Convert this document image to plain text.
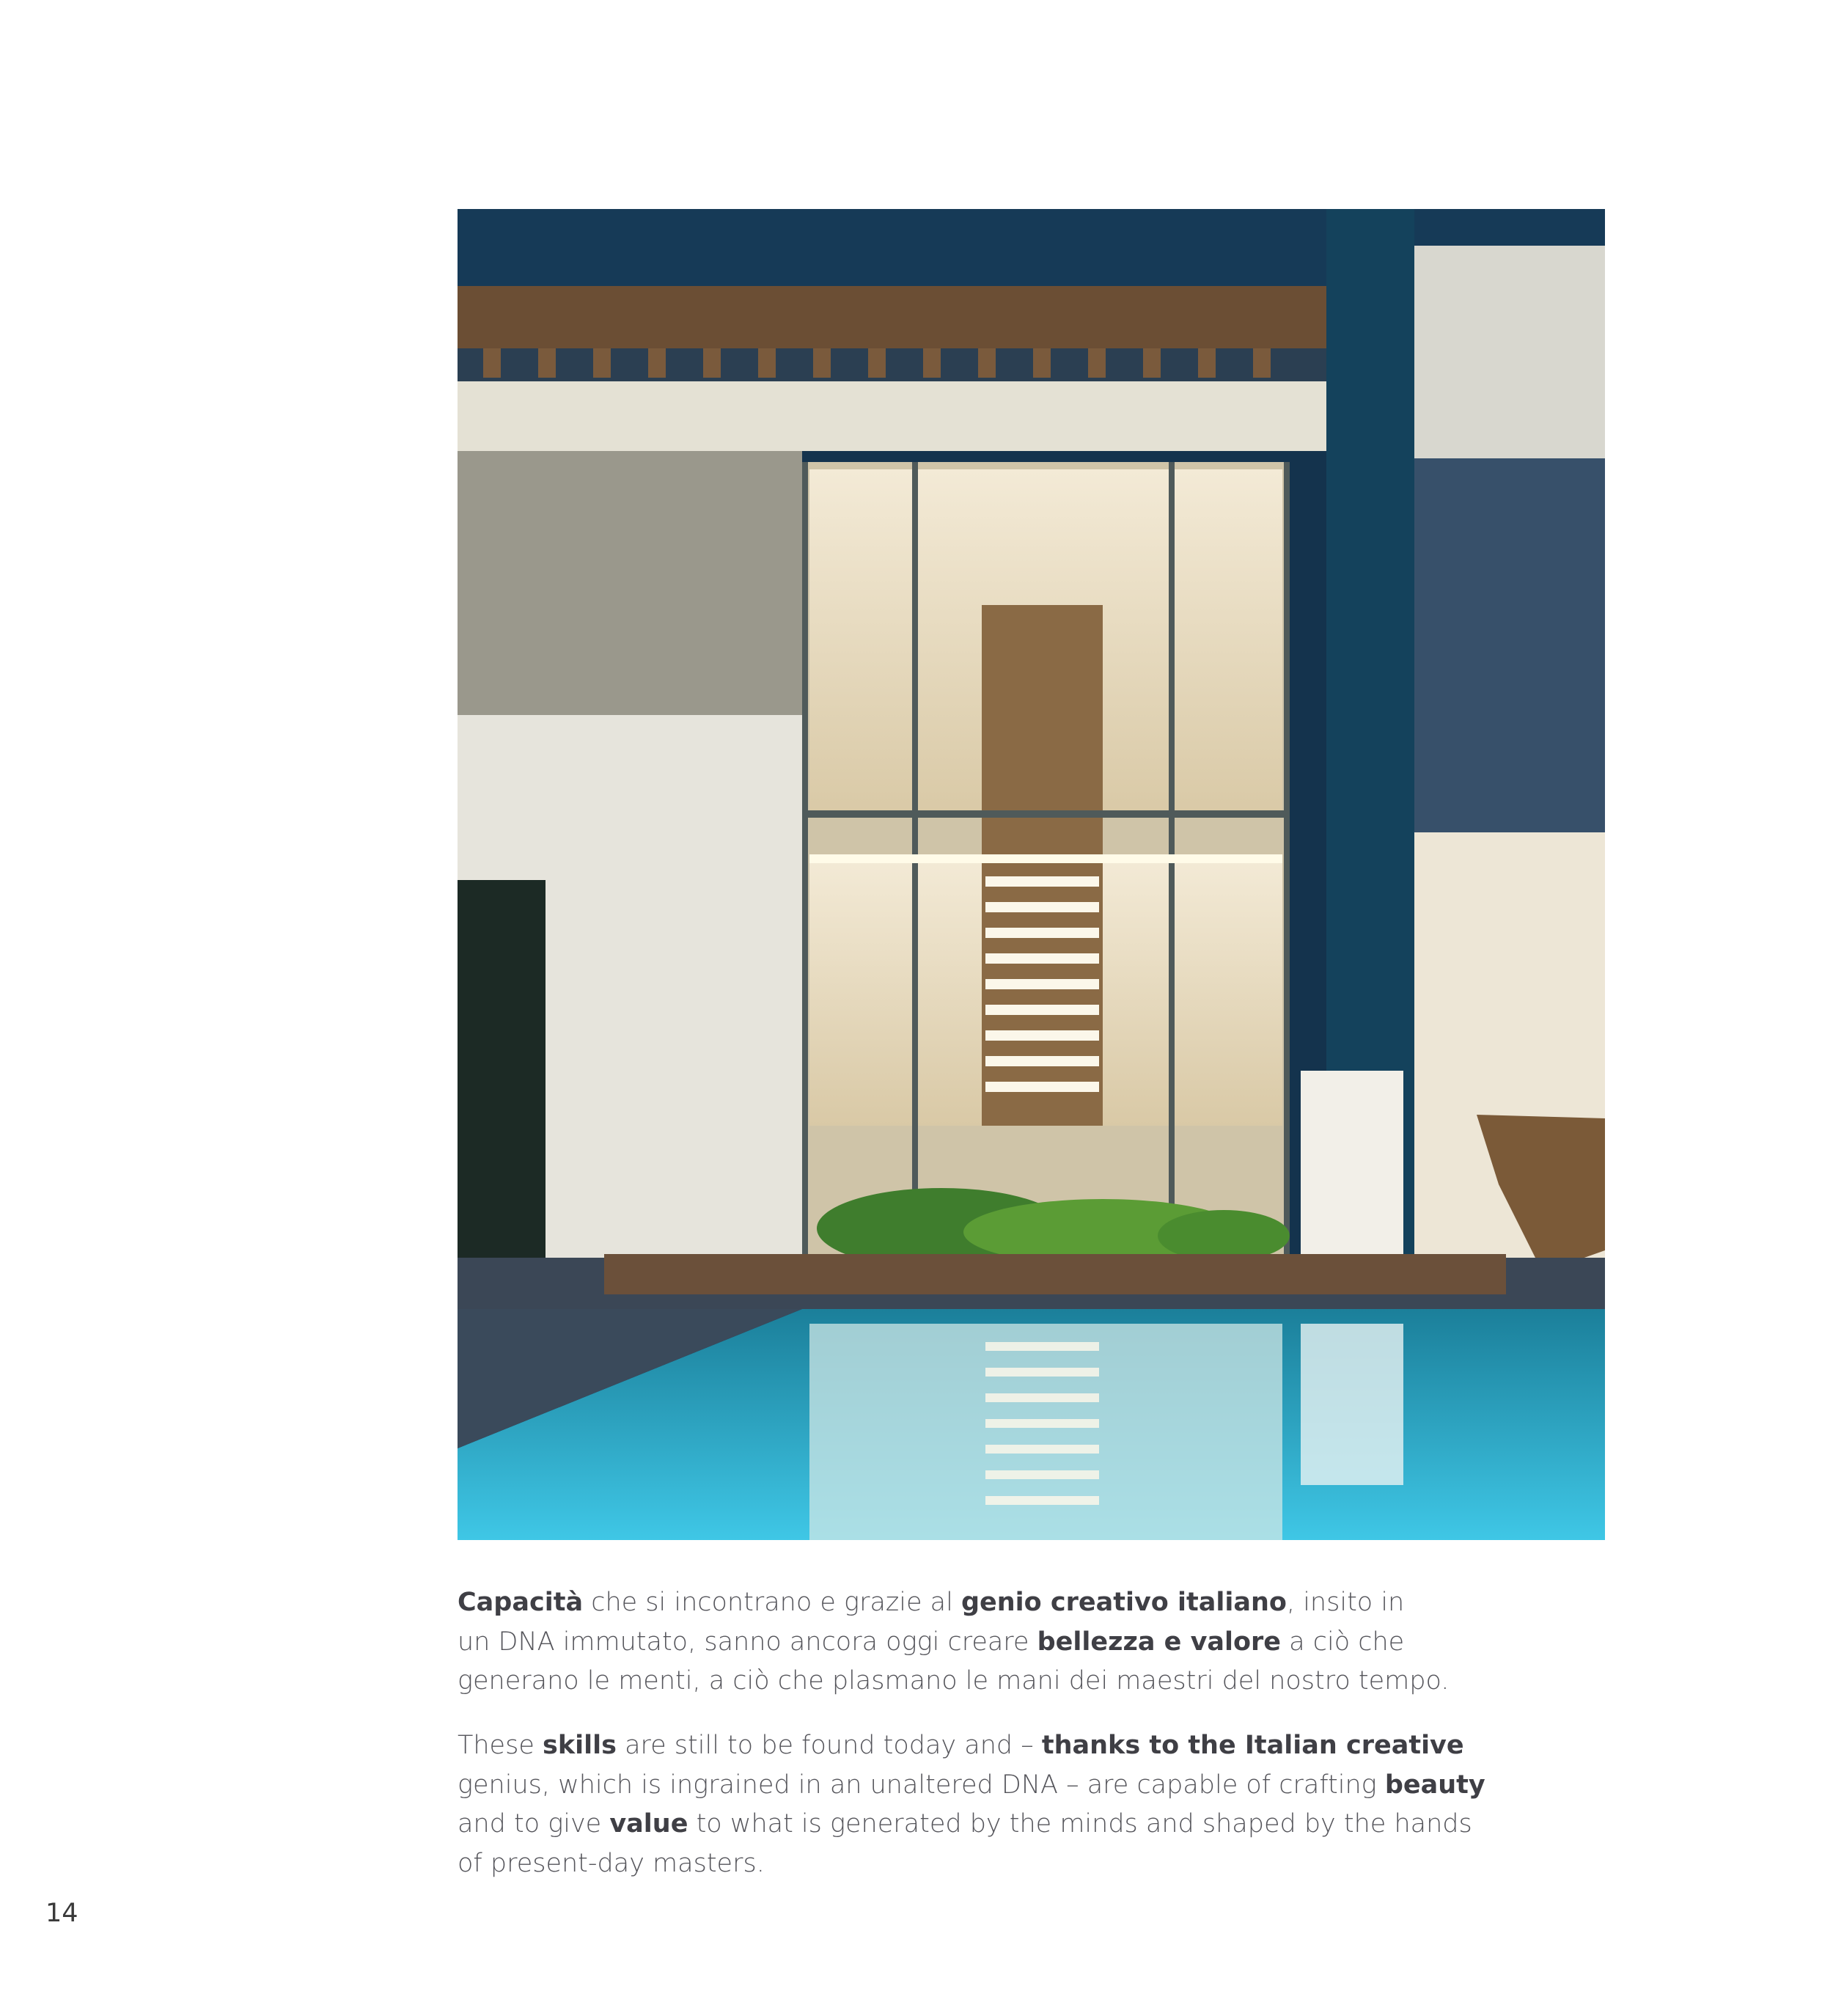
Capacità che si incontrano e grazie al genio creativo italiano, insito in
un DNA immutato, sanno ancora oggi creare bellezza e valore a ciò che
generano le menti, a ciò che plasmano le mani dei maestri del nostro tempo.

These skills are still to be found today and – thanks to the Italian creative
genius, which is ingrained in an unaltered DNA – are capable of crafting beauty
and to give value to what is generated by the minds and shaped by the hands
of present-day masters.

14
